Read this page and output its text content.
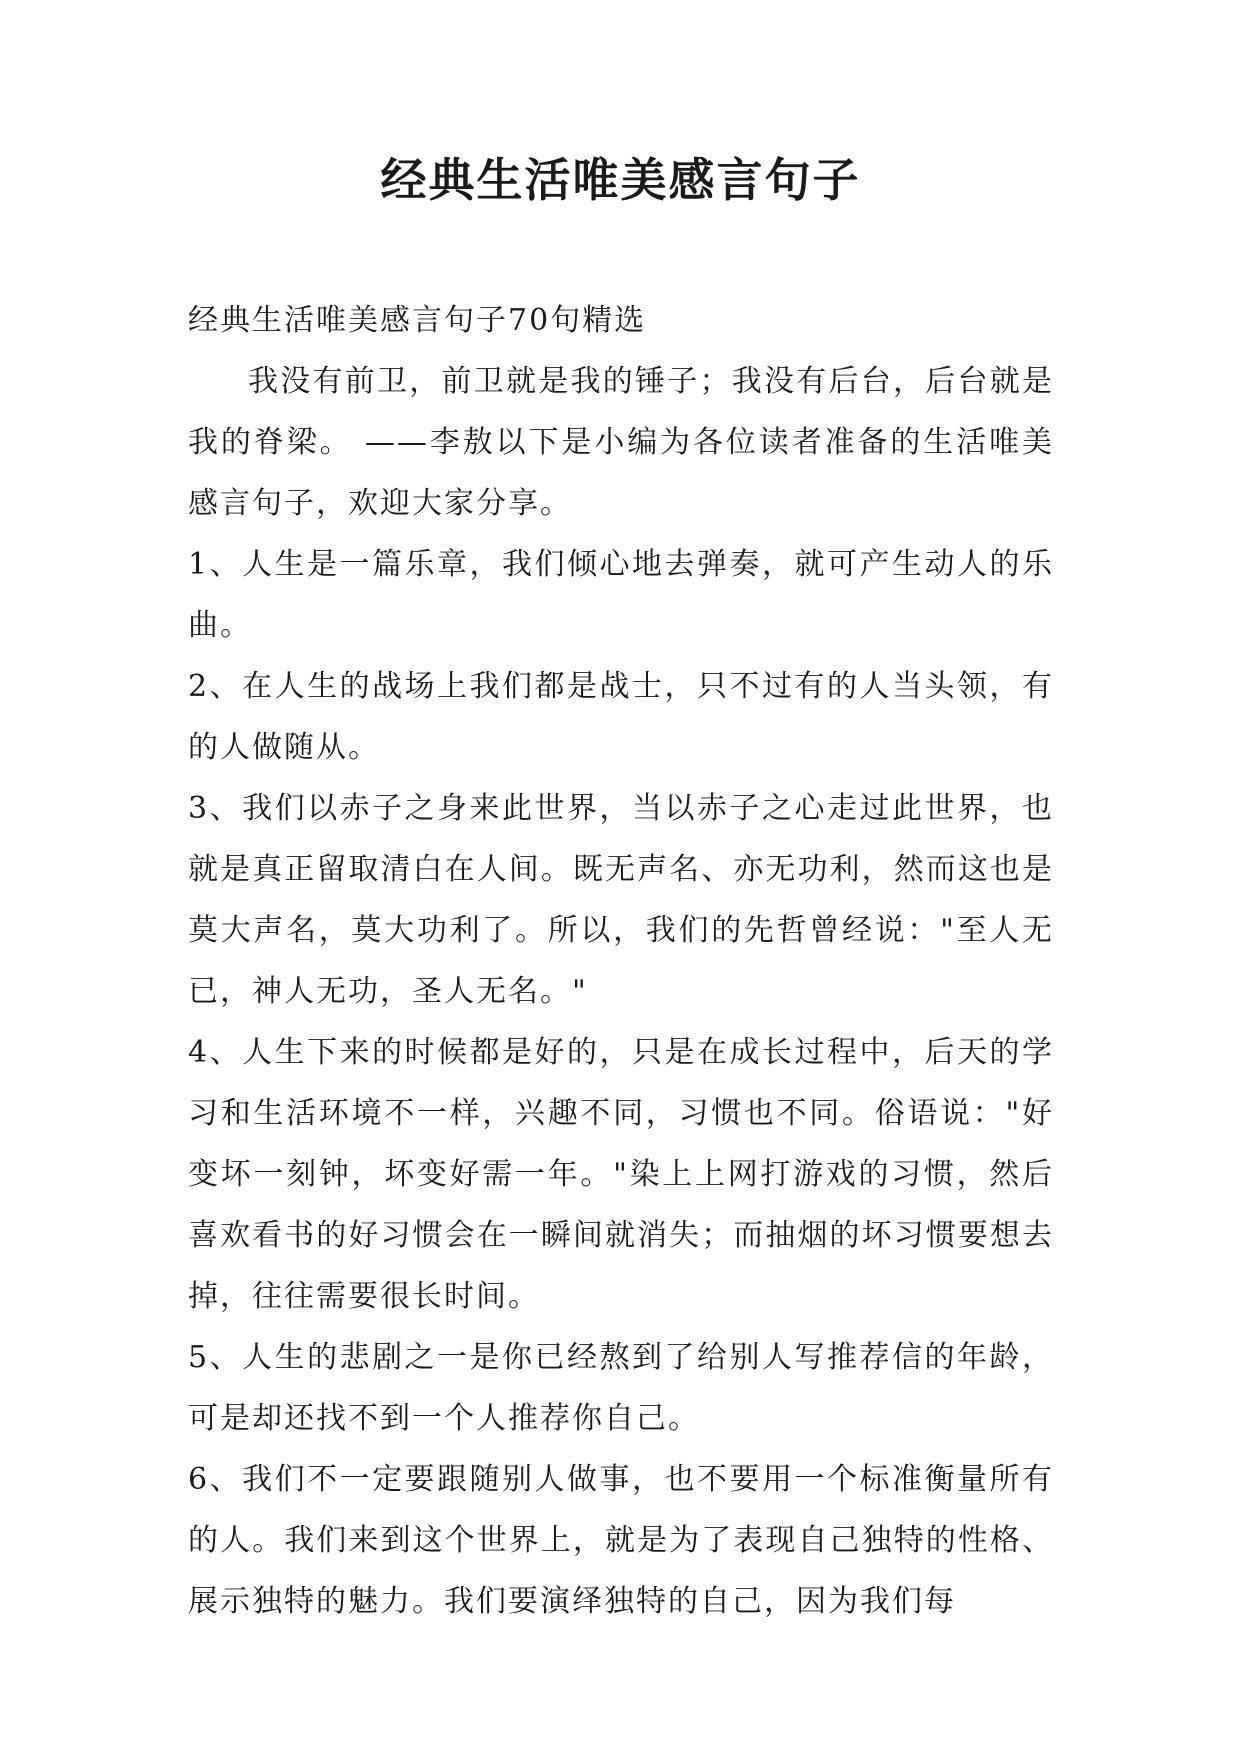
经典生活唯美感言句子

经典生活唯美感言句子70句精选

我没有前卫，前卫就是我的锤子；我没有后台，后台就是我的脊梁。 ——李敖以下是小编为各位读者准备的生活唯美感言句子，欢迎大家分享。

1、人生是一篇乐章，我们倾心地去弹奏，就可产生动人的乐曲。

2、在人生的战场上我们都是战士，只不过有的人当头领，有的人做随从。

3、我们以赤子之身来此世界，当以赤子之心走过此世界，也就是真正留取清白在人间。既无声名、亦无功利，然而这也是莫大声名，莫大功利了。所以，我们的先哲曾经说："至人无已，神人无功，圣人无名。"

4、人生下来的时候都是好的，只是在成长过程中，后天的学习和生活环境不一样，兴趣不同，习惯也不同。俗语说："好变坏一刻钟，坏变好需一年。"染上上网打游戏的习惯，然后喜欢看书的好习惯会在一瞬间就消失；而抽烟的坏习惯要想去掉，往往需要很长时间。

5、人生的悲剧之一是你已经熬到了给别人写推荐信的年龄，可是却还找不到一个人推荐你自己。

6、我们不一定要跟随别人做事，也不要用一个标准衡量所有的人。我们来到这个世界上，就是为了表现自己独特的性格、展示独特的魅力。我们要演绎独特的自己，因为我们每
